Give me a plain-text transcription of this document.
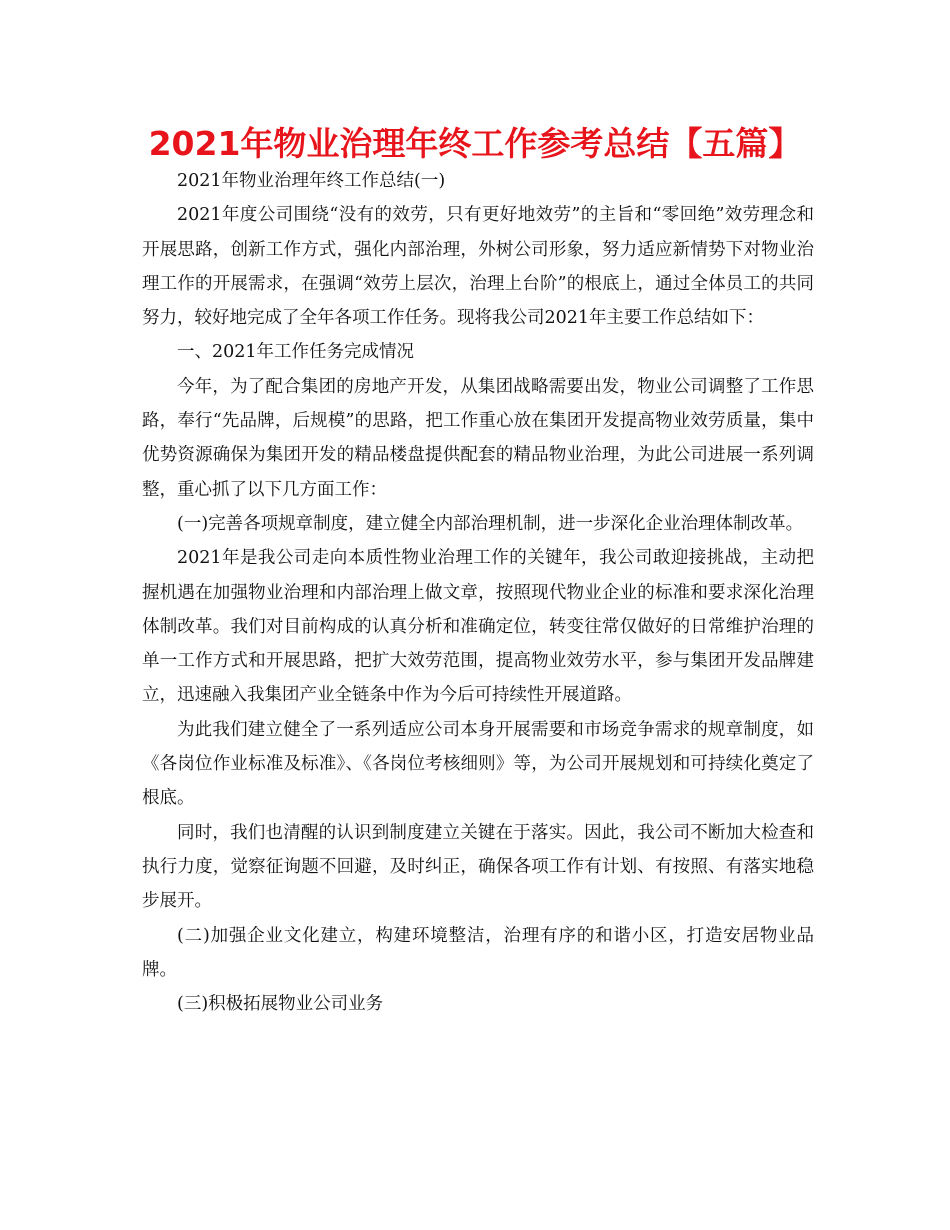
2021年物业治理年终工作参考总结【五篇】

2021年物业治理年终工作总结(一)

2021年度公司围绕“没有的效劳，只有更好地效劳”的主旨和“零回绝”效劳理念和开展思路，创新工作方式，强化内部治理，外树公司形象，努力适应新情势下对物业治理工作的开展需求，在强调“效劳上层次，治理上台阶”的根底上，通过全体员工的共同努力，较好地完成了全年各项工作任务。现将我公司2021年主要工作总结如下：

一、2021年工作任务完成情况

今年，为了配合集团的房地产开发，从集团战略需要出发，物业公司调整了工作思路，奉行“先品牌，后规模”的思路，把工作重心放在集团开发提高物业效劳质量，集中优势资源确保为集团开发的精品楼盘提供配套的精品物业治理，为此公司进展一系列调整，重心抓了以下几方面工作：

(一)完善各项规章制度，建立健全内部治理机制，进一步深化企业治理体制改革。

2021年是我公司走向本质性物业治理工作的关键年，我公司敢迎接挑战，主动把握机遇在加强物业治理和内部治理上做文章，按照现代物业企业的标准和要求深化治理体制改革。我们对目前构成的认真分析和准确定位，转变往常仅做好的日常维护治理的单一工作方式和开展思路，把扩大效劳范围，提高物业效劳水平，参与集团开发品牌建立，迅速融入我集团产业全链条中作为今后可持续性开展道路。

为此我们建立健全了一系列适应公司本身开展需要和市场竞争需求的规章制度，如《各岗位作业标准及标准》、《各岗位考核细则》等，为公司开展规划和可持续化奠定了根底。

同时，我们也清醒的认识到制度建立关键在于落实。因此，我公司不断加大检查和执行力度，觉察征询题不回避，及时纠正，确保各项工作有计划、有按照、有落实地稳步展开。

(二)加强企业文化建立，构建环境整洁，治理有序的和谐小区，打造安居物业品牌。

(三)积极拓展物业公司业务
